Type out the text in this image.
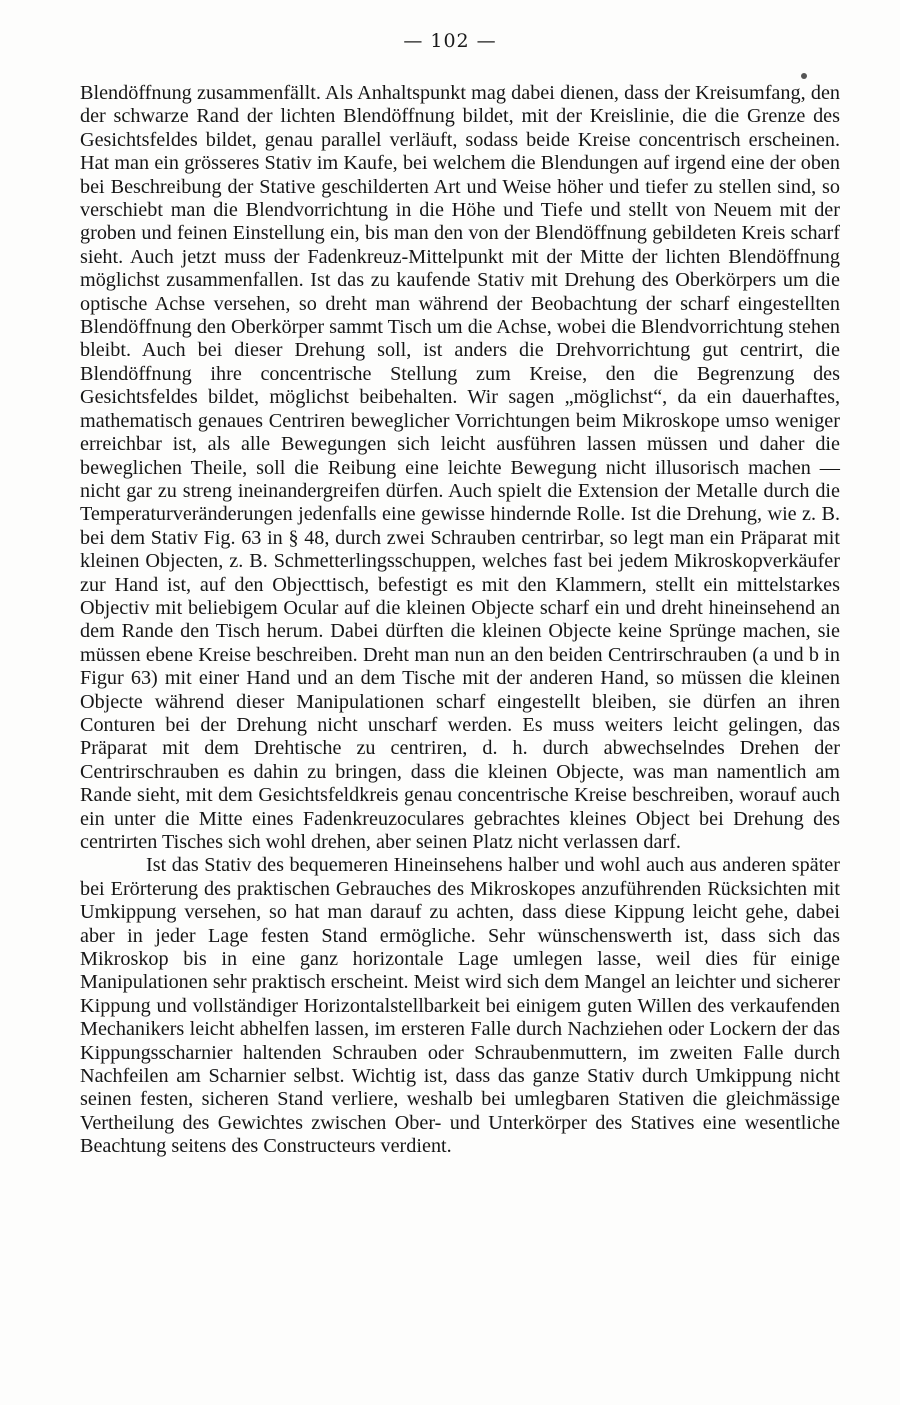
— 102 —

Blendöffnung zusammenfällt. Als Anhaltspunkt mag dabei dienen, dass der Kreisumfang, den der schwarze Rand der lichten Blendöffnung bildet, mit der Kreislinie, die die Grenze des Gesichtsfeldes bildet, genau parallel verläuft, sodass beide Kreise concentrisch erscheinen. Hat man ein grösseres Stativ im Kaufe, bei welchem die Blendungen auf irgend eine der oben bei Beschreibung der Stative geschilderten Art und Weise höher und tiefer zu stellen sind, so verschiebt man die Blendvorrichtung in die Höhe und Tiefe und stellt von Neuem mit der groben und feinen Einstellung ein, bis man den von der Blendöffnung gebildeten Kreis scharf sieht. Auch jetzt muss der Fadenkreuz-Mittelpunkt mit der Mitte der lichten Blendöffnung möglichst zusammenfallen. Ist das zu kaufende Stativ mit Drehung des Oberkörpers um die optische Achse versehen, so dreht man während der Beobachtung der scharf eingestellten Blendöffnung den Oberkörper sammt Tisch um die Achse, wobei die Blendvorrichtung stehen bleibt. Auch bei dieser Drehung soll, ist anders die Drehvorrichtung gut centrirt, die Blendöffnung ihre concentrische Stellung zum Kreise, den die Begrenzung des Gesichtsfeldes bildet, möglichst beibehalten. Wir sagen „möglichst“, da ein dauerhaftes, mathematisch genaues Centriren beweglicher Vorrichtungen beim Mikroskope umso weniger erreichbar ist, als alle Bewegungen sich leicht ausführen lassen müssen und daher die beweglichen Theile, soll die Reibung eine leichte Bewegung nicht illusorisch machen — nicht gar zu streng ineinandergreifen dürfen. Auch spielt die Extension der Metalle durch die Temperaturveränderungen jedenfalls eine gewisse hindernde Rolle. Ist die Drehung, wie z. B. bei dem Stativ Fig. 63 in § 48, durch zwei Schrauben centrirbar, so legt man ein Präparat mit kleinen Objecten, z. B. Schmetterlingsschuppen, welches fast bei jedem Mikroskopverkäufer zur Hand ist, auf den Objecttisch, befestigt es mit den Klammern, stellt ein mittelstarkes Objectiv mit beliebigem Ocular auf die kleinen Objecte scharf ein und dreht hineinsehend an dem Rande den Tisch herum. Dabei dürften die kleinen Objecte keine Sprünge machen, sie müssen ebene Kreise beschreiben. Dreht man nun an den beiden Centrirschrauben (a und b in Figur 63) mit einer Hand und an dem Tische mit der anderen Hand, so müssen die kleinen Objecte während dieser Manipulationen scharf eingestellt bleiben, sie dürfen an ihren Conturen bei der Drehung nicht unscharf werden. Es muss weiters leicht gelingen, das Präparat mit dem Drehtische zu centriren, d. h. durch abwechselndes Drehen der Centrirschrauben es dahin zu bringen, dass die kleinen Objecte, was man namentlich am Rande sieht, mit dem Gesichtsfeldkreis genau concentrische Kreise beschreiben, worauf auch ein unter die Mitte eines Fadenkreuzoculares gebrachtes kleines Object bei Drehung des centrirten Tisches sich wohl drehen, aber seinen Platz nicht verlassen darf.

Ist das Stativ des bequemeren Hineinsehens halber und wohl auch aus anderen später bei Erörterung des praktischen Gebrauches des Mikroskopes anzuführenden Rücksichten mit Umkippung versehen, so hat man darauf zu achten, dass diese Kippung leicht gehe, dabei aber in jeder Lage festen Stand ermögliche. Sehr wünschenswerth ist, dass sich das Mikroskop bis in eine ganz horizontale Lage umlegen lasse, weil dies für einige Manipulationen sehr praktisch erscheint. Meist wird sich dem Mangel an leichter und sicherer Kippung und vollständiger Horizontalstellbarkeit bei einigem guten Willen des verkaufenden Mechanikers leicht abhelfen lassen, im ersteren Falle durch Nachziehen oder Lockern der das Kippungsscharnier haltenden Schrauben oder Schraubenmuttern, im zweiten Falle durch Nachfeilen am Scharnier selbst. Wichtig ist, dass das ganze Stativ durch Umkippung nicht seinen festen, sicheren Stand verliere, weshalb bei umlegbaren Stativen die gleichmässige Vertheilung des Gewichtes zwischen Ober- und Unterkörper des Statives eine wesentliche Beachtung seitens des Constructeurs verdient.
